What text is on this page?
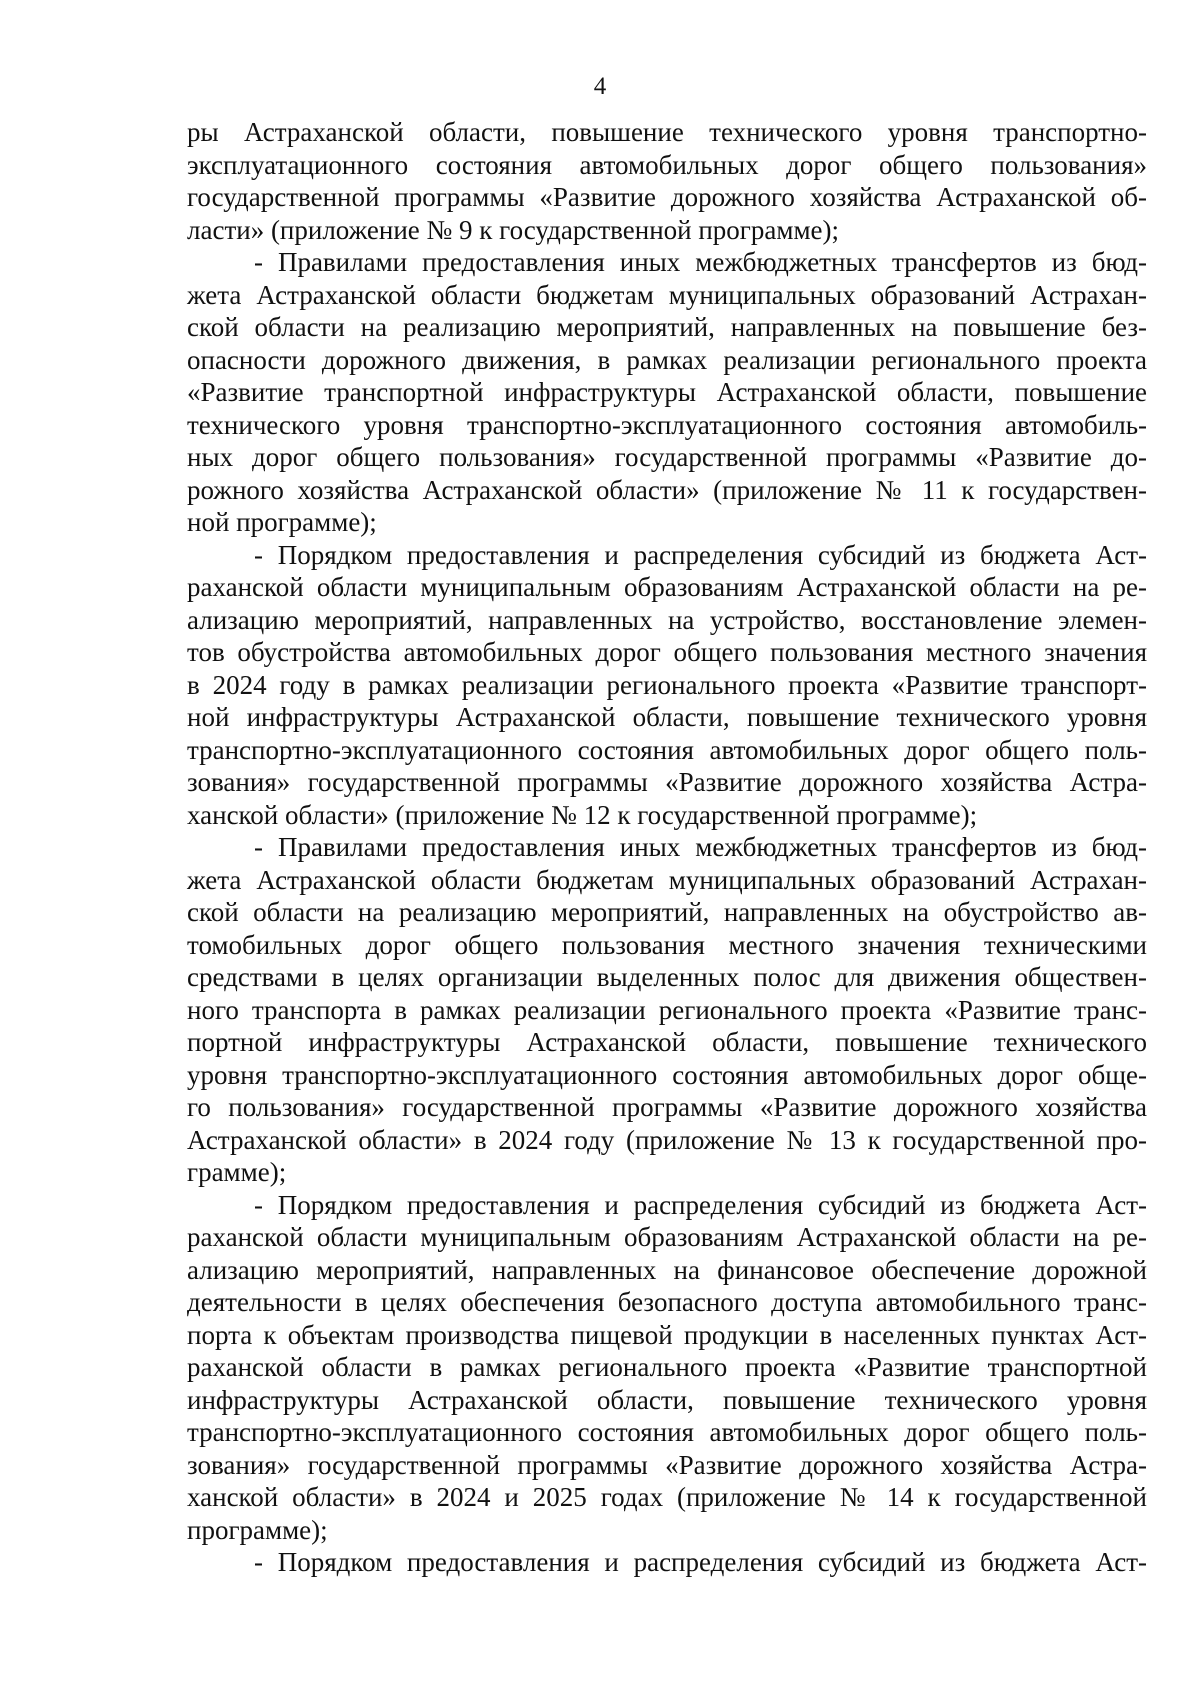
4
ры Астраханской области, повышение технического уровня транспортно-
эксплуатационного состояния автомобильных дорог общего пользования»
государственной программы «Развитие дорожного хозяйства Астраханской об-
ласти» (приложение № 9 к государственной программе);
- Правилами предоставления иных межбюджетных трансфертов из бюд-
жета Астраханской области бюджетам муниципальных образований Астрахан-
ской области на реализацию мероприятий, направленных на повышение без-
опасности дорожного движения, в рамках реализации регионального проекта
«Развитие транспортной инфраструктуры Астраханской области, повышение
технического уровня транспортно-эксплуатационного состояния автомобиль-
ных дорог общего пользования» государственной программы «Развитие до-
рожного хозяйства Астраханской области» (приложение № 11 к государствен-
ной программе);
- Порядком предоставления и распределения субсидий из бюджета Аст-
раханской области муниципальным образованиям Астраханской области на ре-
ализацию мероприятий, направленных на устройство, восстановление элемен-
тов обустройства автомобильных дорог общего пользования местного значения
в 2024 году в рамках реализации регионального проекта «Развитие транспорт-
ной инфраструктуры Астраханской области, повышение технического уровня
транспортно-эксплуатационного состояния автомобильных дорог общего поль-
зования» государственной программы «Развитие дорожного хозяйства Астра-
ханской области» (приложение № 12 к государственной программе);
- Правилами предоставления иных межбюджетных трансфертов из бюд-
жета Астраханской области бюджетам муниципальных образований Астрахан-
ской области на реализацию мероприятий, направленных на обустройство ав-
томобильных дорог общего пользования местного значения техническими
средствами в целях организации выделенных полос для движения обществен-
ного транспорта в рамках реализации регионального проекта «Развитие транс-
портной инфраструктуры Астраханской области, повышение технического
уровня транспортно-эксплуатационного состояния автомобильных дорог обще-
го пользования» государственной программы «Развитие дорожного хозяйства
Астраханской области» в 2024 году (приложение № 13 к государственной про-
грамме);
- Порядком предоставления и распределения субсидий из бюджета Аст-
раханской области муниципальным образованиям Астраханской области на ре-
ализацию мероприятий, направленных на финансовое обеспечение дорожной
деятельности в целях обеспечения безопасного доступа автомобильного транс-
порта к объектам производства пищевой продукции в населенных пунктах Аст-
раханской области в рамках регионального проекта «Развитие транспортной
инфраструктуры Астраханской области, повышение технического уровня
транспортно-эксплуатационного состояния автомобильных дорог общего поль-
зования» государственной программы «Развитие дорожного хозяйства Астра-
ханской области» в 2024 и 2025 годах (приложение № 14 к государственной
программе);
- Порядком предоставления и распределения субсидий из бюджета Аст-
